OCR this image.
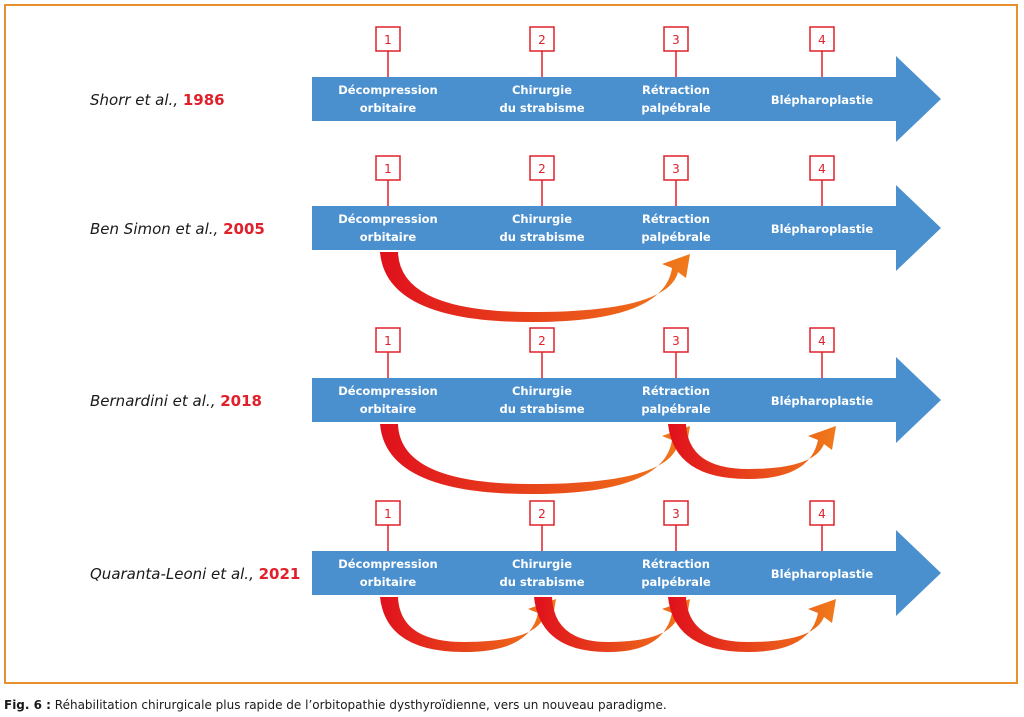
Shorr et al., 1986
1
Décompression
orbitaire
2
Chirurgie
du strabisme
3
Rétraction
palpébrale
4
Blépharoplastie
Ben Simon et al., 2005
1
Décompression
orbitaire
2
Chirurgie
du strabisme
3
Rétraction
palpébrale
4
Blépharoplastie
Bernardini et al., 2018
1
Décompression
orbitaire
2
Chirurgie
du strabisme
3
Rétraction
palpébrale
4
Blépharoplastie
Quaranta-Leoni et al., 2021
1
Décompression
orbitaire
2
Chirurgie
du strabisme
3
Rétraction
palpébrale
4
Blépharoplastie
Fig. 6 : Réhabilitation chirurgicale plus rapide de l’orbitopathie dysthyroïdienne, vers un nouveau paradigme.
